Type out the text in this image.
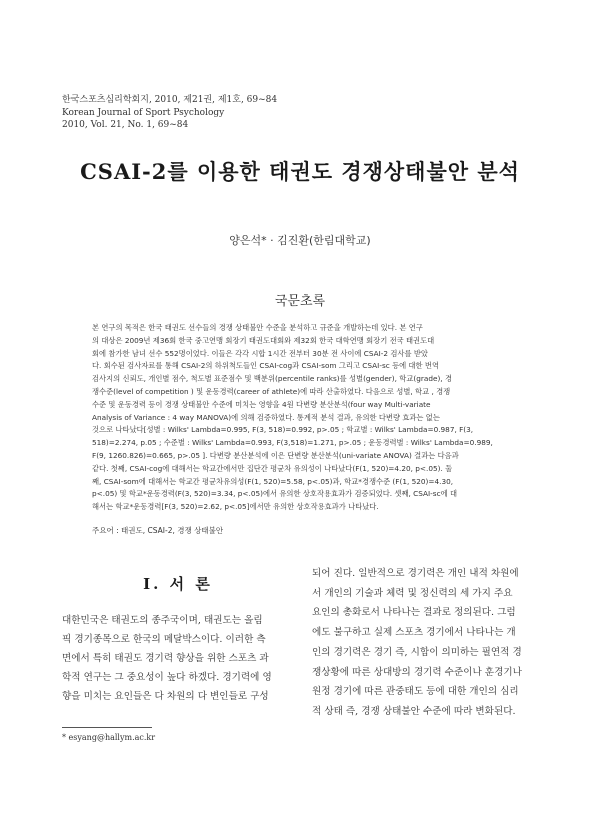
한국스포츠심리학회지, 2010, 제21권, 제1호, 69~84
Korean Journal of Sport Psychology
2010, Vol. 21, No. 1, 69~84
CSAI-2를 이용한 태권도 경쟁상태불안 분석
양은석* · 김진환(한림대학교)
국문초록
본 연구의 목적은 한국 태권도 선수들의 경쟁 상태불안 수준을 분석하고 규준을 개발하는데 있다. 본 연구
의 대상은 2009년 제36회 한국 중고연맹 회장기 태권도대회와 제32회 한국 대학연맹 회장기 전국 태권도대
회에 참가한 남녀 선수 552명이었다. 이들은 각각 시합 1시간 전부터 30분 전 사이에 CSAI-2 검사를 받았
다. 회수된 검사자료를 통해 CSAI-2의 하위척도들인 CSAI-cog과 CSAI-som 그리고 CSAI-sc 등에 대한 번역
검사지의 신뢰도, 개인별 점수, 척도별 표준점수 및 백분위(percentile ranks)를 성별(gender), 학교(grade), 경
쟁수준(level of competition ) 및 운동경력(career of athlete)에 따라 산출하였다. 다음으로 성별, 학교 , 경쟁
수준 및 운동경력 등이 경쟁 상태불안 수준에 미치는 영향을 4원 다변량 분산분석(four way Multi-variate
Analysis of Variance : 4 way MANOVA)에 의해 검증하였다. 통계적 분석 결과, 유의한 다변량 효과는 없는
것으로 나타났다[성별 : Wilks' Lambda=0.995, F(3, 518)=0.992, p>.05 ; 학교별 : Wilks' Lambda=0.987, F(3,
518)=2.274, p.05 ; 수준별 : Wilks' Lambda=0.993, F(3,518)=1.271, p>.05 ; 운동경력별 : Wilks' Lambda=0.989,
F(9, 1260.826)=0.665, p>.05 ]. 다변량 분산분석에 이은 단변량 분산분석(uni-variate ANOVA) 결과는 다음과
같다. 첫째, CSAI-cog에 대해서는 학교간에서만 집단간 평균차 유의성이 나타났다(F(1, 520)=4.20, p<.05). 둘
째, CSAI-som에 대해서는 학교간 평균차유의성(F(1, 520)=5.58, p<.05)과, 학교*경쟁수준 (F(1, 520)=4.30,
p<.05) 및 학교*운동경력(F(3, 520)=3.34, p<.05)에서 유의한 상호작용효과가 검증되었다. 셋째, CSAI-sc에 대
해서는 학교*운동경력[F(3, 520)=2.62, p<.05]에서만 유의한 상호작용효과가 나타났다.
주요어 : 태권도, CSAI-2, 경쟁 상태불안
I. 서 론
대한민국은 태권도의 종주국이며, 태권도는 올림
픽 경기종목으로 한국의 메달박스이다. 이러한 측
면에서 특히 태권도 경기력 향상을 위한 스포츠 과
학적 연구는 그 중요성이 높다 하겠다. 경기력에 영
향을 미치는 요인들은 다 차원의 다 변인들로 구성
되어 진다. 일반적으로 경기력은 개인 내적 차원에
서 개인의 기술과 체력 및 정신력의 세 가지 주요
요인의 총화로서 나타나는 결과로 정의된다. 그럼
에도 불구하고 실제 스포츠 경기에서 나타나는 개
인의 경기력은 경기 즉, 시합이 의미하는 필연적 경
쟁상황에 따른 상대방의 경기력 수준이나 훈경기나
원정 경기에 따른 관중태도 등에 대한 개인의 심리
적 상태 즉, 경쟁 상태불안 수준에 따라 변화된다.
* esyang@hallym.ac.kr
